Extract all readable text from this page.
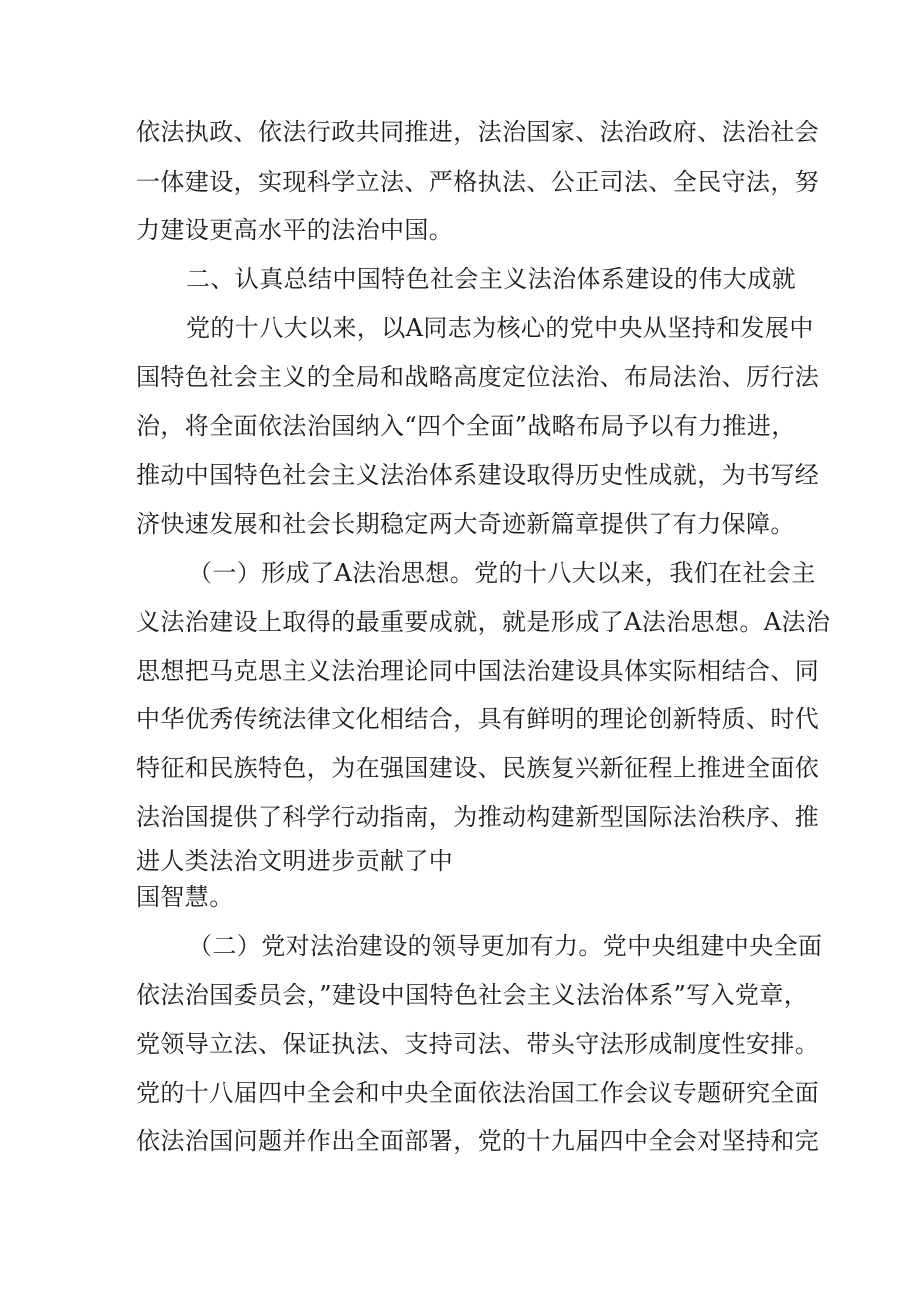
依法执政、依法行政共同推进，法治国家、法治政府、法治社会
一体建设，实现科学立法、严格执法、公正司法、全民守法，努
力建设更高水平的法治中国。
二、认真总结中国特色社会主义法治体系建设的伟大成就
党的十八大以来，以A同志为核心的党中央从坚持和发展中
国特色社会主义的全局和战略高度定位法治、布局法治、厉行法
治，将全面依法治国纳入“四个全面”战略布局予以有力推进，
推动中国特色社会主义法治体系建设取得历史性成就，为书写经
济快速发展和社会长期稳定两大奇迹新篇章提供了有力保障。
（一）形成了A法治思想。党的十八大以来，我们在社会主
义法治建设上取得的最重要成就，就是形成了A法治思想。A法治
思想把马克思主义法治理论同中国法治建设具体实际相结合、同
中华优秀传统法律文化相结合，具有鲜明的理论创新特质、时代
特征和民族特色，为在强国建设、民族复兴新征程上推进全面依
法治国提供了科学行动指南，为推动构建新型国际法治秩序、推
进人类法治文明进步贡献了中
国智慧。
（二）党对法治建设的领导更加有力。党中央组建中央全面
依法治国委员会，”建设中国特色社会主义法治体系”写入党章，
党领导立法、保证执法、支持司法、带头守法形成制度性安排。
党的十八届四中全会和中央全面依法治国工作会议专题研究全面
依法治国问题并作出全面部署，党的十九届四中全会对坚持和完
